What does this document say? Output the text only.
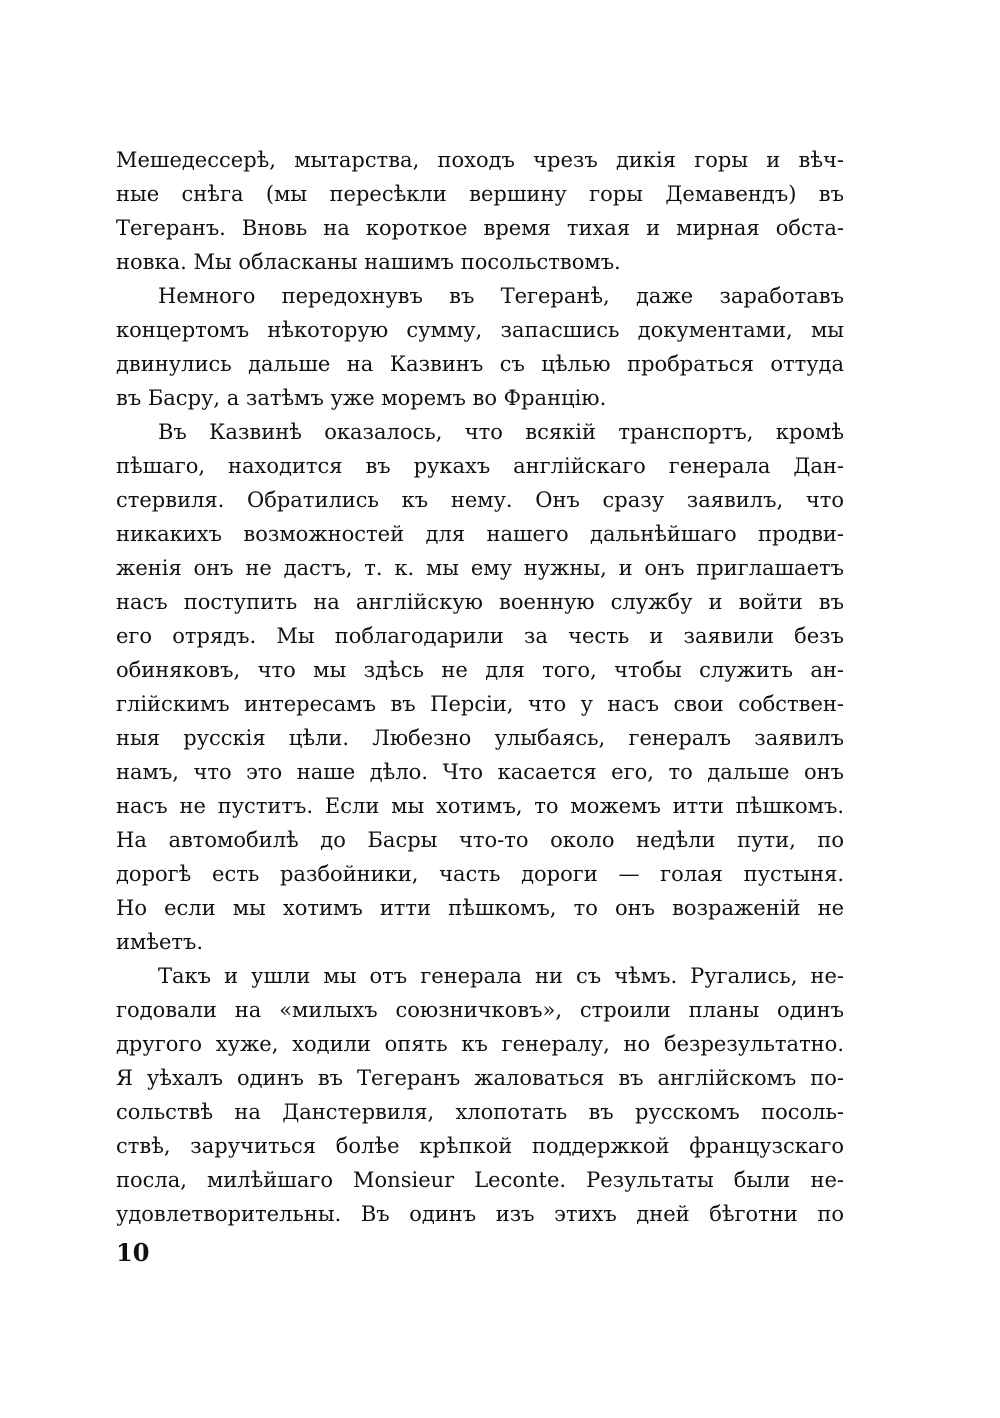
Мешедессерѣ, мытарства, походъ чрезъ дикія горы и вѣч-
ные снѣга (мы пересѣкли вершину горы Демавендъ) въ
Тегеранъ. Вновь на короткое время тихая и мирная обста-
новка. Мы обласканы нашимъ посольствомъ.
Немного передохнувъ въ Тегеранѣ, даже заработавъ
концертомъ нѣкоторую сумму, запасшись документами, мы
двинулись дальше на Казвинъ съ цѣлью пробраться оттуда
въ Басру, а затѣмъ уже моремъ во Францію.
Въ Казвинѣ оказалось, что всякій транспортъ, кромѣ
пѣшаго, находится въ рукахъ англійскаго генерала Дан-
стервиля. Обратились къ нему. Онъ сразу заявилъ, что
никакихъ возможностей для нашего дальнѣйшаго продви-
женія онъ не дастъ, т. к. мы ему нужны, и онъ приглашаетъ
насъ поступить на англійскую военную службу и войти въ
его отрядъ. Мы поблагодарили за честь и заявили безъ
обиняковъ, что мы здѣсь не для того, чтобы служить ан-
глійскимъ интересамъ въ Персіи, что у насъ свои собствен-
ныя русскія цѣли. Любезно улыбаясь, генералъ заявилъ
намъ, что это наше дѣло. Что касается его, то дальше онъ
насъ не пуститъ. Если мы хотимъ, то можемъ итти пѣшкомъ.
На автомобилѣ до Басры что-то около недѣли пути, по
дорогѣ есть разбойники, часть дороги — голая пустыня.
Но если мы хотимъ итти пѣшкомъ, то онъ возраженій не
имѣетъ.
Такъ и ушли мы отъ генерала ни съ чѣмъ. Ругались, не-
годовали на «милыхъ союзничковъ», строили планы одинъ
другого хуже, ходили опять къ генералу, но безрезультатно.
Я уѣхалъ одинъ въ Тегеранъ жаловаться въ англійскомъ по-
сольствѣ на Данстервиля, хлопотать въ русскомъ посоль-
ствѣ, заручиться болѣе крѣпкой поддержкой французскаго
посла, милѣйшаго Monsieur Leconte. Результаты были не-
удовлетворительны. Въ одинъ изъ этихъ дней бѣготни по
10
